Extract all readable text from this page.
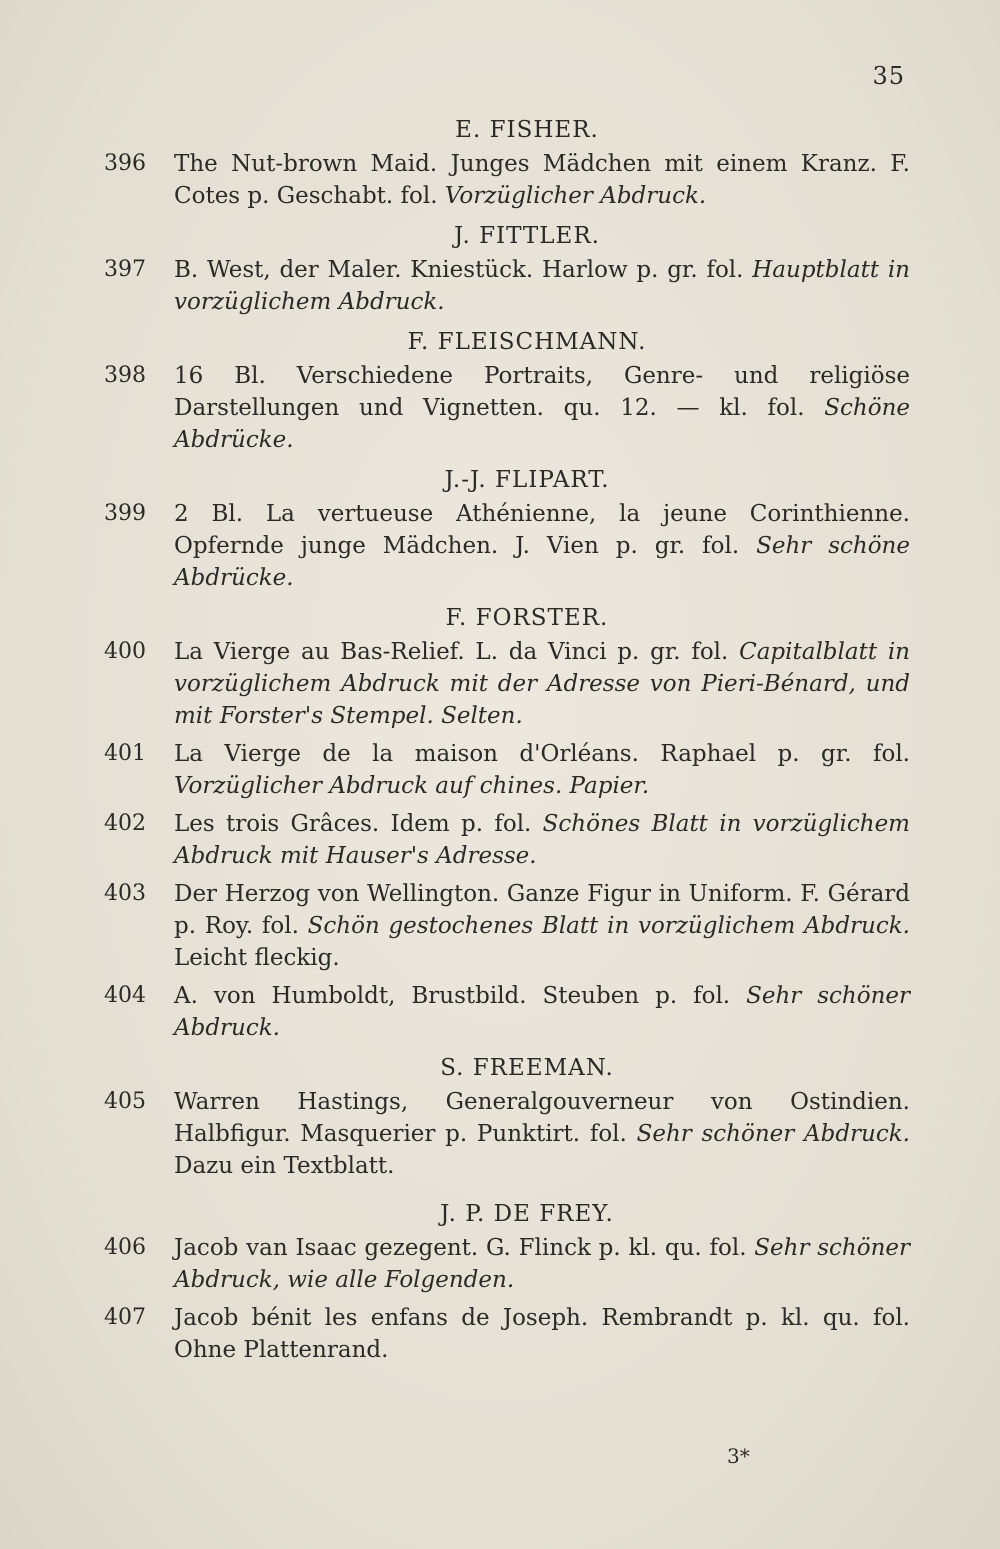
35
E. FISHER.
396	The Nut-brown Maid. Junges Mädchen mit einem Kranz. F. Cotes p. Geschabt. fol. Vorzüglicher Abdruck.
J. FITTLER.
397	B. West, der Maler. Kniestück. Harlow p. gr. fol. Hauptblatt in vorzüglichem Abdruck.
F. FLEISCHMANN.
398	16 Bl. Verschiedene Portraits, Genre- und religiöse Darstellungen und Vignetten. qu. 12. — kl. fol. Schöne Abdrücke.
J.-J. FLIPART.
399	2 Bl. La vertueuse Athénienne, la jeune Corinthienne. Opfernde junge Mädchen. J. Vien p. gr. fol. Sehr schöne Abdrücke.
F. FORSTER.
400	La Vierge au Bas-Relief. L. da Vinci p. gr. fol. Capitalblatt in vorzüglichem Abdruck mit der Adresse von Pieri-Bénard, und mit Forster's Stempel. Selten.
401	La Vierge de la maison d'Orléans. Raphael p. gr. fol. Vorzüglicher Abdruck auf chines. Papier.
402	Les trois Grâces. Idem p. fol. Schönes Blatt in vorzüglichem Abdruck mit Hauser's Adresse.
403	Der Herzog von Wellington. Ganze Figur in Uniform. F. Gérard p. Roy. fol. Schön gestochenes Blatt in vorzüglichem Abdruck. Leicht fleckig.
404	A. von Humboldt, Brustbild. Steuben p. fol. Sehr schöner Abdruck.
S. FREEMAN.
405	Warren Hastings, Generalgouverneur von Ostindien. Halbfigur. Masquerier p. Punktirt. fol. Sehr schöner Abdruck. Dazu ein Textblatt.
J. P. DE FREY.
406	Jacob van Isaac gezegent. G. Flinck p. kl. qu. fol. Sehr schöner Abdruck, wie alle Folgenden.
407	Jacob bénit les enfans de Joseph. Rembrandt p. kl. qu. fol. Ohne Plattenrand.
3*
